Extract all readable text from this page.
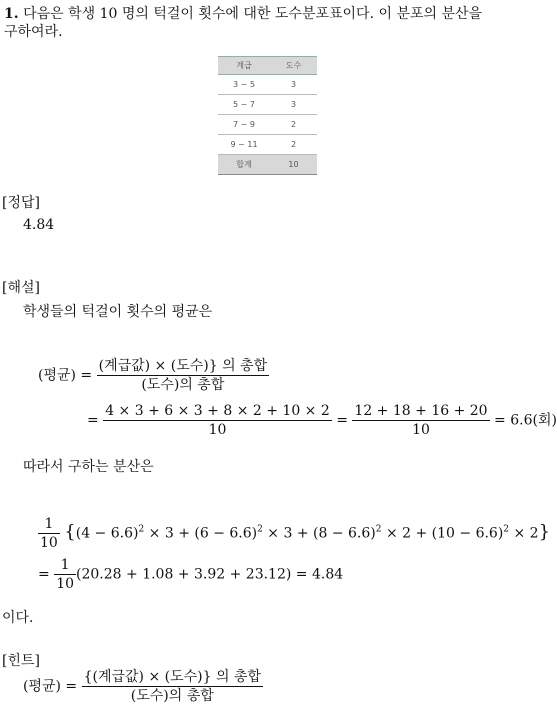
1. 다음은 학생 10 명의 턱걸이 횟수에 대한 도수분포표이다. 이 분포의 분산을
구하여라.
계급	도수
3 ~ 5	3
5 ~ 7	3
7 ~ 9	2
9 ~ 11	2
합계	10
[정답]
4.84
[해설]
학생들의 턱걸이 횟수의 평균은
(평균) = $\frac{\text{(계급값) × (도수)\} 의 총합}}{\text{(도수)의 총합}}$
= $\frac{4 \times 3 + 6 \times 3 + 8 \times 2 + 10 \times 2}{10} = \frac{12 + 18 + 16 + 20}{10} = 6.6$(회)
따라서 구하는 분산은
$\frac{1}{10} \{(4 - 6.6)^2 \times 3 + (6 - 6.6)^2 \times 3 + (8 - 6.6)^2 \times 2 + (10 - 6.6)^2 \times 2\}$
= $\frac{1}{10} (20.28 + 1.08 + 3.92 + 23.12) = 4.84$
이다.
[힌트]
(평균) = $\frac{\text{\{(계급값) × (도수)\} 의 총합}}{\text{(도수)의 총합}}$
